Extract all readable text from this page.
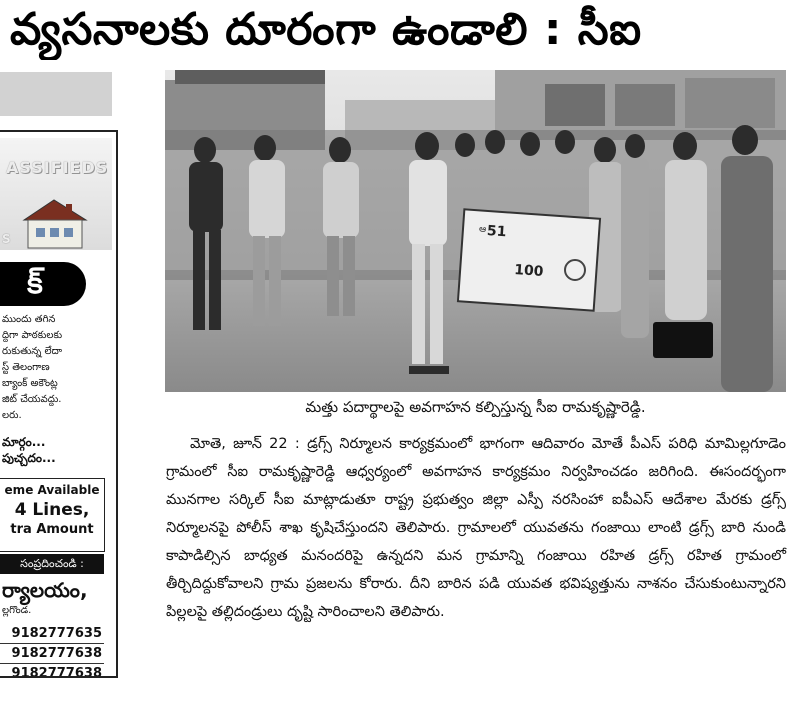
వ్యసనాలకు దూరంగా ఉండాలి : సీఐ
ASSIFIEDS
S
క్
ముందు తగిన
ద్దిగా పాఠకులకు
రుకుతున్న లేదా
స్ట్ తెలంగాణ
బ్యాంక్ అకౌంట్ల
జిట్ చేయవద్దు.
లరు.
మార్గం...
పుచ్చదం...
eme Available
4 Lines,
tra Amount
సంప్రదించండి :
ర్యాలయం,
ల్లగొండ.
9182777635
9182777638
9182777638
ఆ 51
100
మత్తు పదార్థాలపై అవగాహన కల్పిస్తున్న సీఐ రామకృష్ణారెడ్డి.

మోతె, జూన్ 22 : డ్రగ్స్ నిర్మూలన కార్యక్రమంలో భాగంగా ఆదివారం మోతే పీఎస్ పరిధి మామిల్లగూడెం గ్రామంలో సీఐ రామకృష్ణారెడ్డి ఆధ్వర్యంలో అవగాహన కార్యక్రమం నిర్వహించడం జరిగింది. ఈసందర్భంగా మునగాల సర్కిల్ సీఐ మాట్లాడుతూ రాష్ట్ర ప్రభుత్వం జిల్లా ఎస్పీ నరసింహా ఐపీఎస్ ఆదేశాల మేరకు డ్రగ్స్ నిర్మూలనపై పోలీస్ శాఖ కృషిచేస్తుందని తెలిపారు. గ్రామాలలో యువతను గంజాయి లాంటి డ్రగ్స్ బారి నుండి కాపాడిల్సిన బాధ్యత మనందరిపై ఉన్నదని మన గ్రామాన్ని గంజాయి రహిత డ్రగ్స్ రహిత గ్రామంలో తీర్చిదిద్దుకోవాలని గ్రామ ప్రజలను కోరారు. దీని బారిన పడి యువత భవిష్యత్తును నాశనం చేసుకుంటున్నారని పిల్లలపై తల్లిదండ్రులు దృష్టి సారించాలని తెలిపారు.
